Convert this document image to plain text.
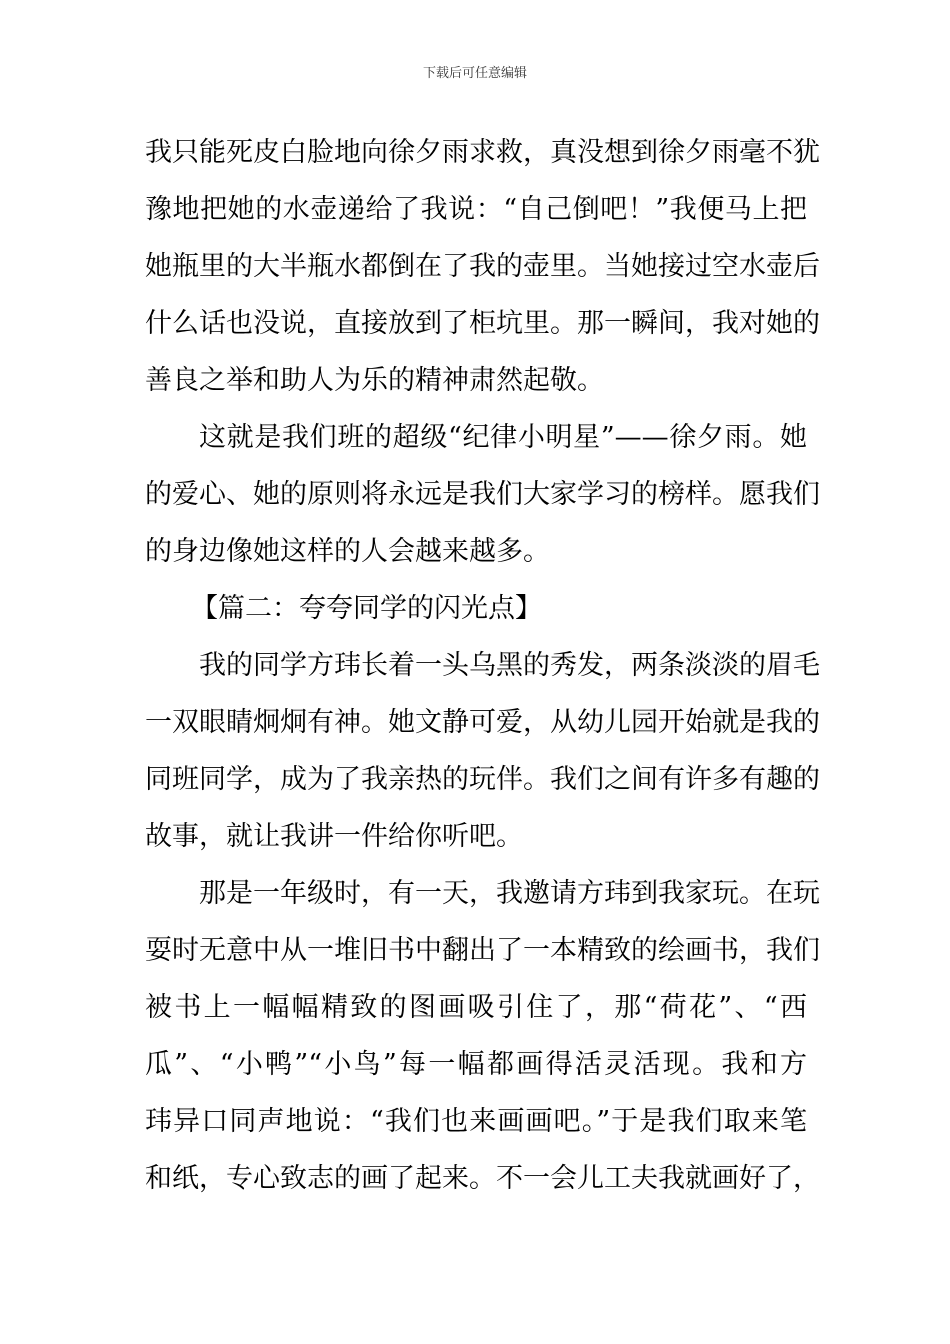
下载后可任意编辑
我只能死皮白脸地向徐夕雨求救，真没想到徐夕雨毫不犹
豫地把她的水壶递给了我说：“自己倒吧！”我便马上把
她瓶里的大半瓶水都倒在了我的壶里。当她接过空水壶后
什么话也没说，直接放到了柜坑里。那一瞬间，我对她的
善良之举和助人为乐的精神肃然起敬。
这就是我们班的超级“纪律小明星”——徐夕雨。她
的爱心、她的原则将永远是我们大家学习的榜样。愿我们
的身边像她这样的人会越来越多。
【篇二：夸夸同学的闪光点】
我的同学方玮长着一头乌黑的秀发，两条淡淡的眉毛
一双眼睛炯炯有神。她文静可爱，从幼儿园开始就是我的
同班同学，成为了我亲热的玩伴。我们之间有许多有趣的
故事，就让我讲一件给你听吧。
那是一年级时，有一天，我邀请方玮到我家玩。在玩
耍时无意中从一堆旧书中翻出了一本精致的绘画书，我们
被书上一幅幅精致的图画吸引住了，那“荷花”、“西
瓜”、“小鸭”“小鸟”每一幅都画得活灵活现。我和方
玮异口同声地说：“我们也来画画吧。”于是我们取来笔
和纸，专心致志的画了起来。不一会儿工夫我就画好了，
